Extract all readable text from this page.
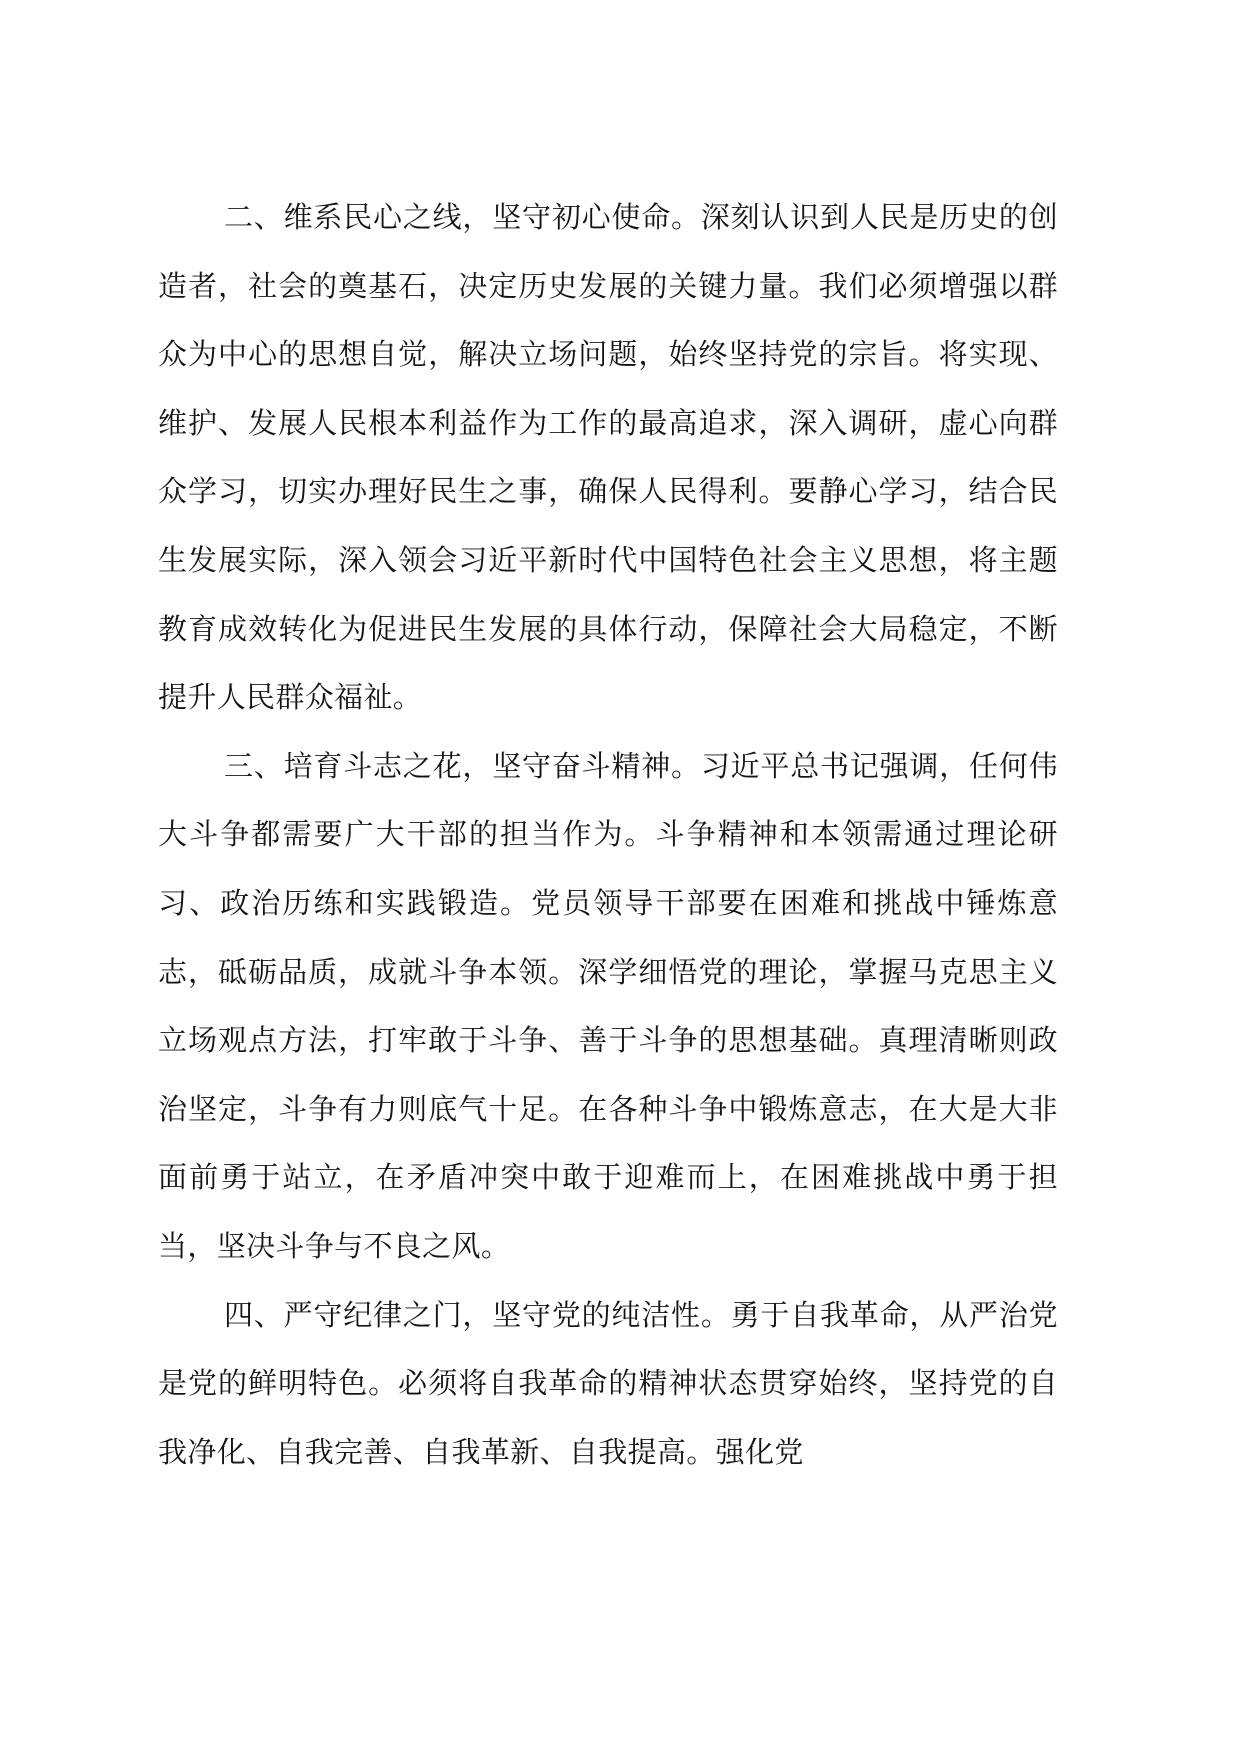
二、维系民心之线，坚守初心使命。深刻认识到人民是历史的创造者，社会的奠基石，决定历史发展的关键力量。我们必须增强以群众为中心的思想自觉，解决立场问题，始终坚持党的宗旨。将实现、维护、发展人民根本利益作为工作的最高追求，深入调研，虚心向群众学习，切实办理好民生之事，确保人民得利。要静心学习，结合民生发展实际，深入领会习近平新时代中国特色社会主义思想，将主题教育成效转化为促进民生发展的具体行动，保障社会大局稳定，不断提升人民群众福祉。

三、培育斗志之花，坚守奋斗精神。习近平总书记强调，任何伟大斗争都需要广大干部的担当作为。斗争精神和本领需通过理论研习、政治历练和实践锻造。党员领导干部要在困难和挑战中锤炼意志，砥砺品质，成就斗争本领。深学细悟党的理论，掌握马克思主义立场观点方法，打牢敢于斗争、善于斗争的思想基础。真理清晰则政治坚定，斗争有力则底气十足。在各种斗争中锻炼意志，在大是大非面前勇于站立，在矛盾冲突中敢于迎难而上，在困难挑战中勇于担当，坚决斗争与不良之风。

四、严守纪律之门，坚守党的纯洁性。勇于自我革命，从严治党是党的鲜明特色。必须将自我革命的精神状态贯穿始终，坚持党的自我净化、自我完善、自我革新、自我提高。强化党
